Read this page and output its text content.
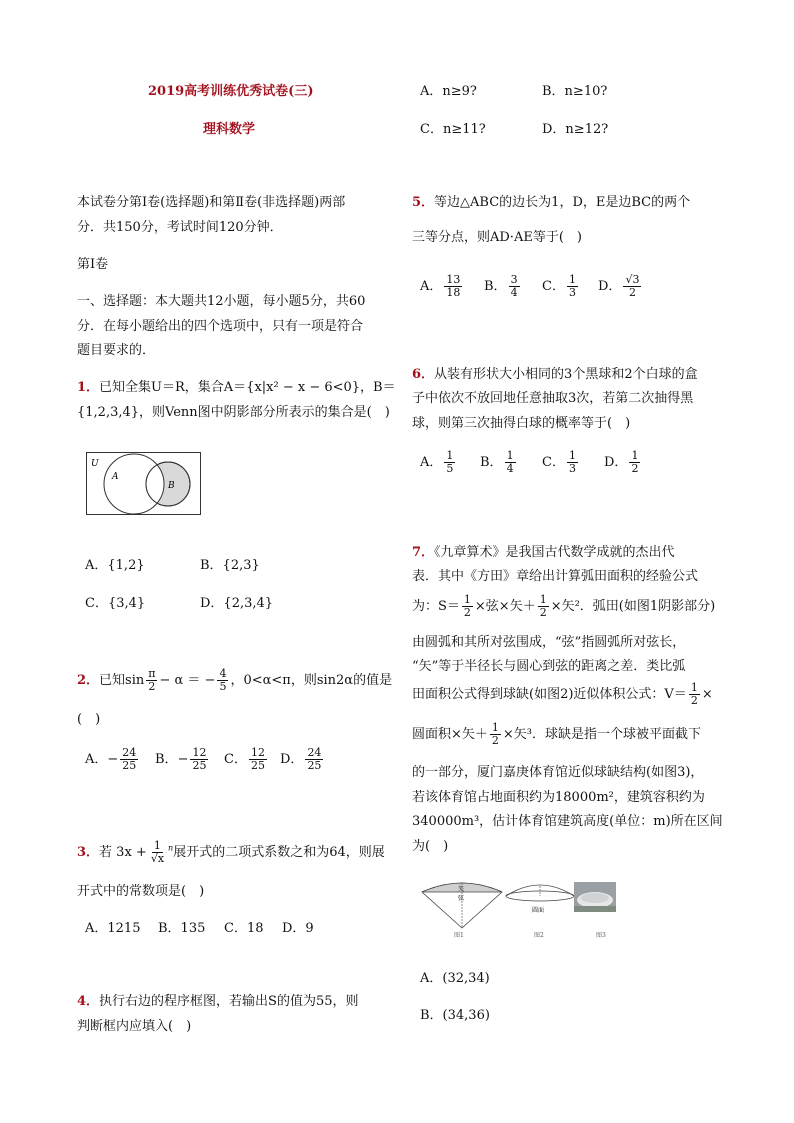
2019高考训练优秀试卷(三)
理科数学
本试卷分第Ⅰ卷(选择题)和第Ⅱ卷(非选择题)两部
分．共150分，考试时间120分钟．
第Ⅰ卷
一、选择题：本大题共12小题，每小题5分，共60
分．在每小题给出的四个选项中，只有一项是符合
题目要求的．
1．已知全集U＝R，集合A＝{x|x² − x − 6<0}，B＝
{1,2,3,4}，则Venn图中阴影部分所表示的集合是(　)
U
A
B
A．{1,2}	B．{2,3}
C．{3,4}	D．{2,3,4}
2．已知$\sin \frac{\pi}{2} - \alpha$ ＝ − $\frac{4}{5}$ ，0<α<π，则sin2α的值是
(　)
A．− $\frac{24}{25}$ B．− $\frac{12}{25}$ C． $\frac{12}{25}$ D． $\frac{24}{25}$
3．若 $3x + \frac{1}{√x} ^n$展开式的二项式系数之和为64，则展
开式中的常数项是(　)
A．1215 B．135 C．18 D．9
4．执行右边的程序框图，若输出S的值为55，则
判断框内应填入(　)
A．n≥9?	B．n≥10?
C．n≥11?	D．n≥12?
5．等边△ABC的边长为1，D，E是边BC的两个
三等分点，则AD·AE等于(　)
A． $\frac{13}{18}$ B． $\frac{3}{4}$ C． $\frac{1}{3}$ D． $\frac{√3}{2}$
6．从装有形状大小相同的3个黑球和2个白球的盒
子中依次不放回地任意抽取3次，若第二次抽得黑
球，则第三次抽得白球的概率等于(　)
A． $\frac{1}{5}$ B． $\frac{1}{4}$ C． $\frac{1}{3}$ D． $\frac{1}{2}$
7．《九章算术》是我国古代数学成就的杰出代
表．其中《方田》章给出计算弧田面积的经验公式
为：$S= \frac{1}{2}$ ×弦×矢＋ $\frac{1}{2}$ ×矢²．弧田(如图1阴影部分)
由圆弧和其所对弦围成，“弦”指圆弧所对弦长，
“矢”等于半径长与圆心到弦的距离之差．类比弧
田面积公式得到球缺(如图2)近似体积公式：$V= \frac{1}{2}$ ×
圆面积×矢＋ $\frac{1}{2}$ ×矢³．球缺是指一个球被平面截下
的一部分，厦门嘉庚体育馆近似球缺结构(如图3)，
若该体育馆占地面积约为18000m²，建筑容积约为
340000m³，估计体育馆建筑高度(单位：m)所在区间
为(　)
矢
弦
圆面
图1	图2	图3
A．(32,34)
B．(34,36)
